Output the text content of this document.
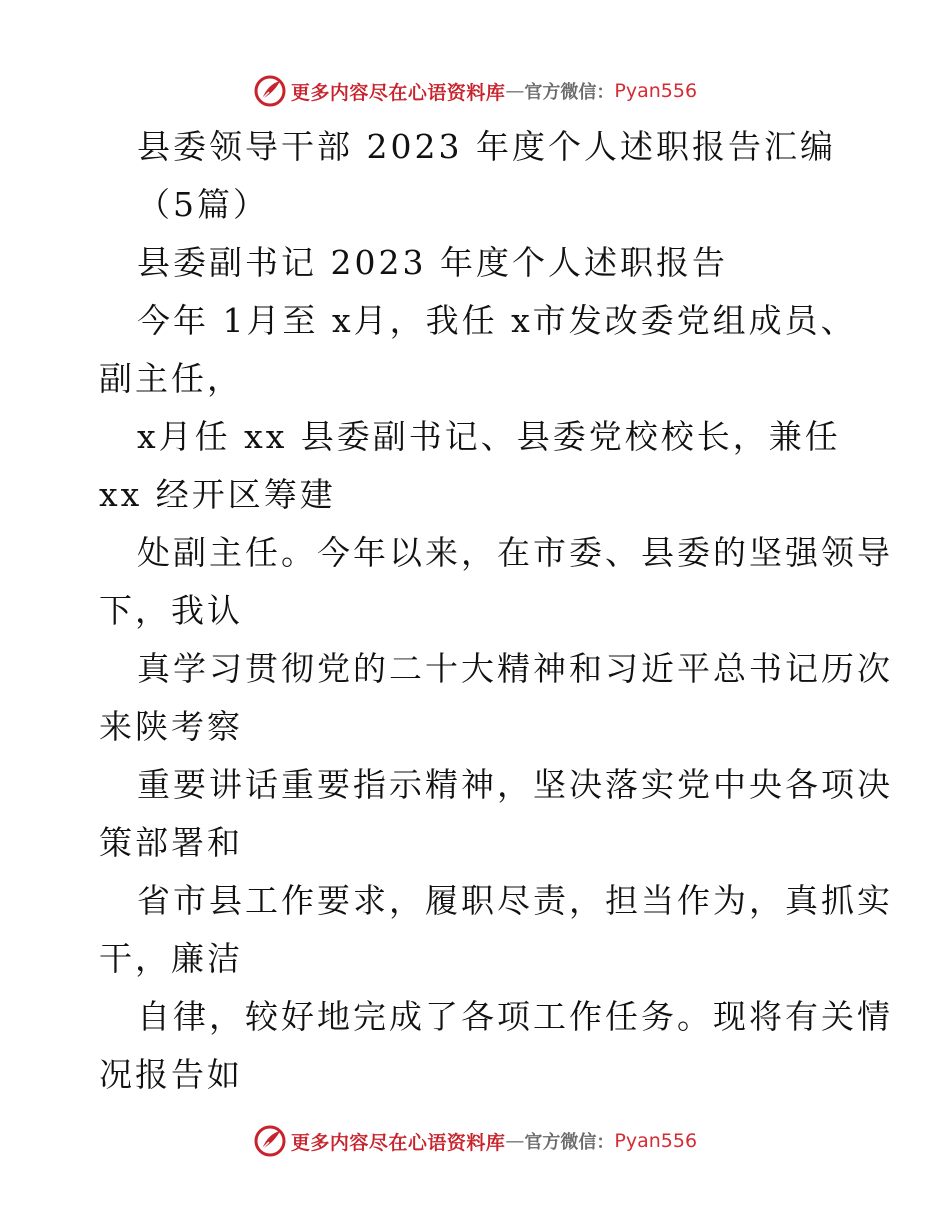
更多内容尽在心语资料库 — 官方微信： Pyan556
县委领导干部 2023 年度个人述职报告汇编
（5篇）
县委副书记 2023 年度个人述职报告
今年 1月至 x月，我任 x市发改委党组成员、
副主任，
x月任 xx 县委副书记、县委党校校长，兼任
xx 经开区筹建
处副主任。今年以来，在市委、县委的坚强领导
下，我认
真学习贯彻党的二十大精神和习近平总书记历次
来陕考察
重要讲话重要指示精神，坚决落实党中央各项决
策部署和
省市县工作要求，履职尽责，担当作为，真抓实
干，廉洁
自律，较好地完成了各项工作任务。现将有关情
况报告如
更多内容尽在心语资料库 — 官方微信： Pyan556
